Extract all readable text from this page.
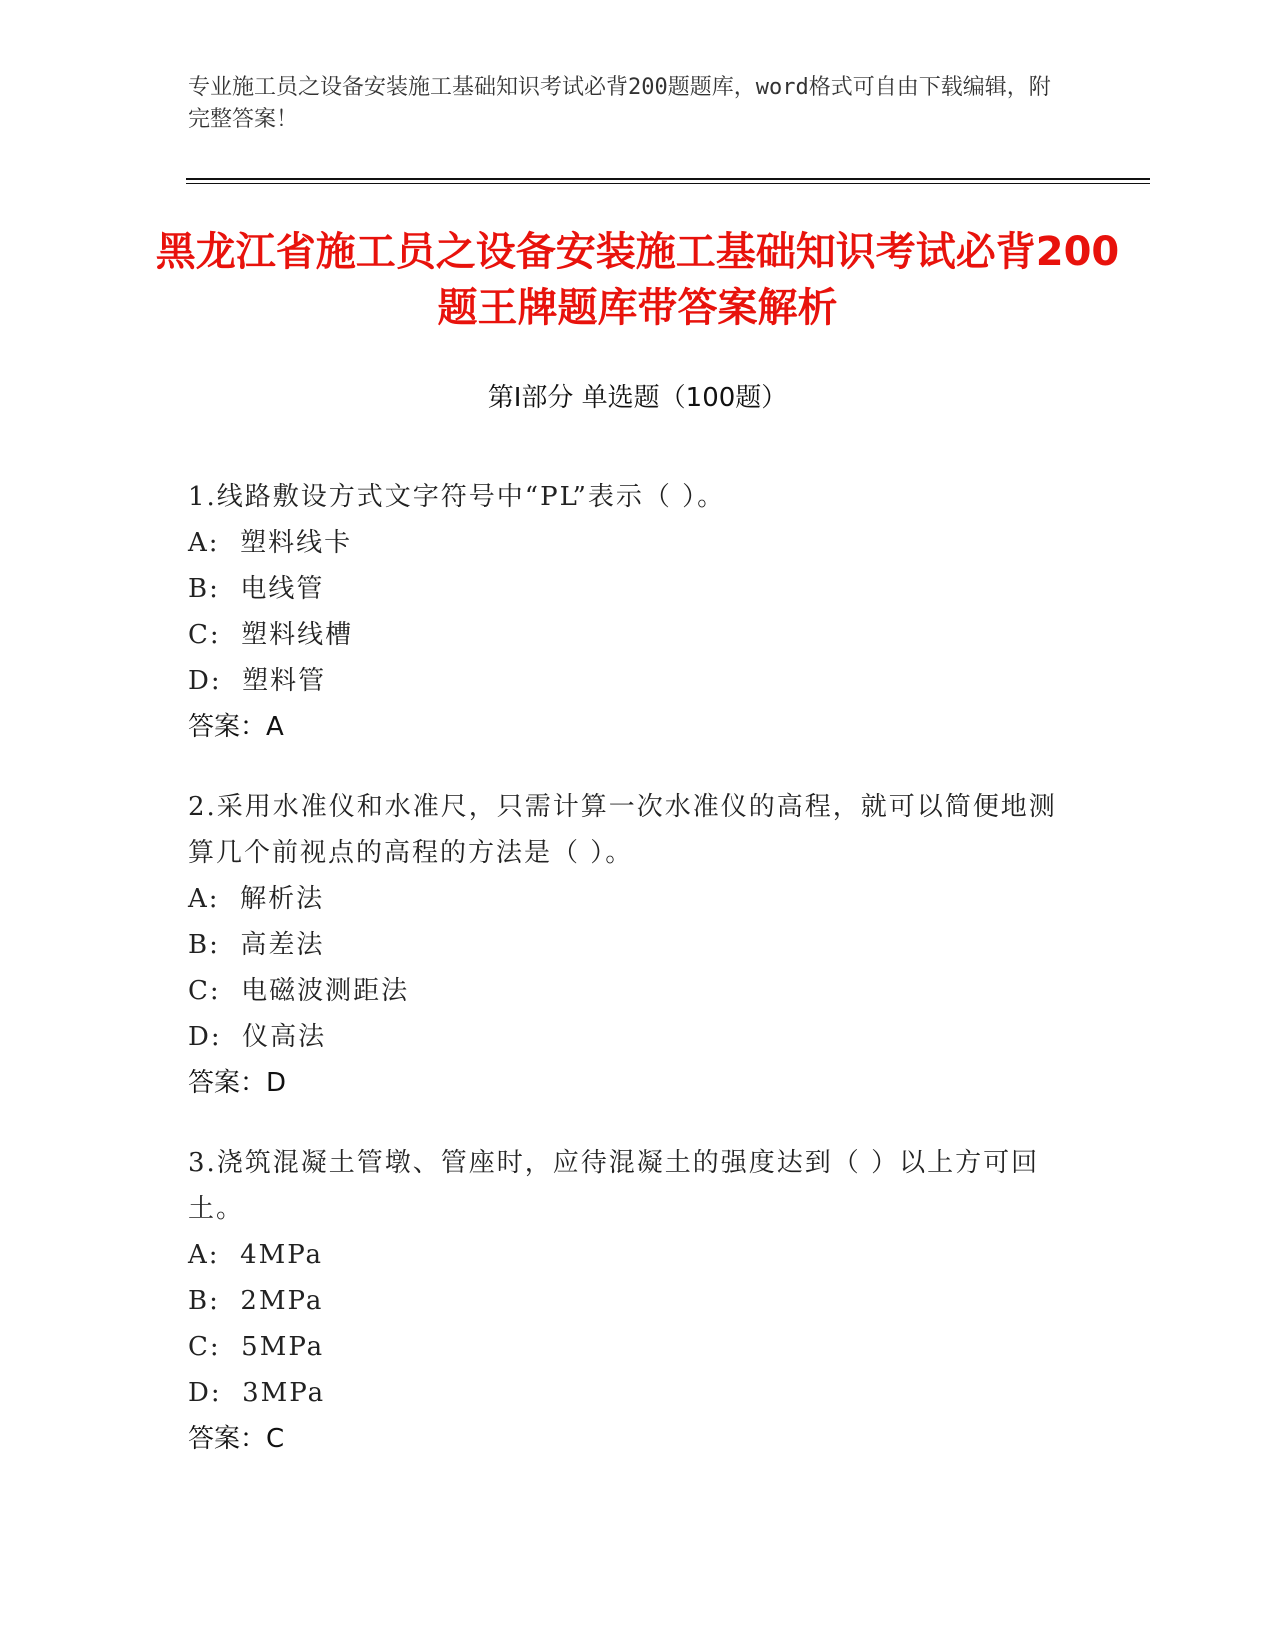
专业施工员之设备安装施工基础知识考试必背200题题库，word格式可自由下载编辑，附完整答案！
黑龙江省施工员之设备安装施工基础知识考试必背200题王牌题库带答案解析
第Ⅰ部分 单选题（100题）
1.线路敷设方式文字符号中“PL”表示（ ）。
A:  塑料线卡
B:  电线管
C:  塑料线槽
D:  塑料管
答案：A
2.采用水准仪和水准尺，只需计算一次水准仪的高程，就可以简便地测算几个前视点的高程的方法是（ ）。
A:  解析法
B:  高差法
C:  电磁波测距法
D:  仪高法
答案：D
3.浇筑混凝土管墩、管座时，应待混凝土的强度达到（ ）以上方可回土。
A:  4MPa
B:  2MPa
C:  5MPa
D:  3MPa
答案：C
